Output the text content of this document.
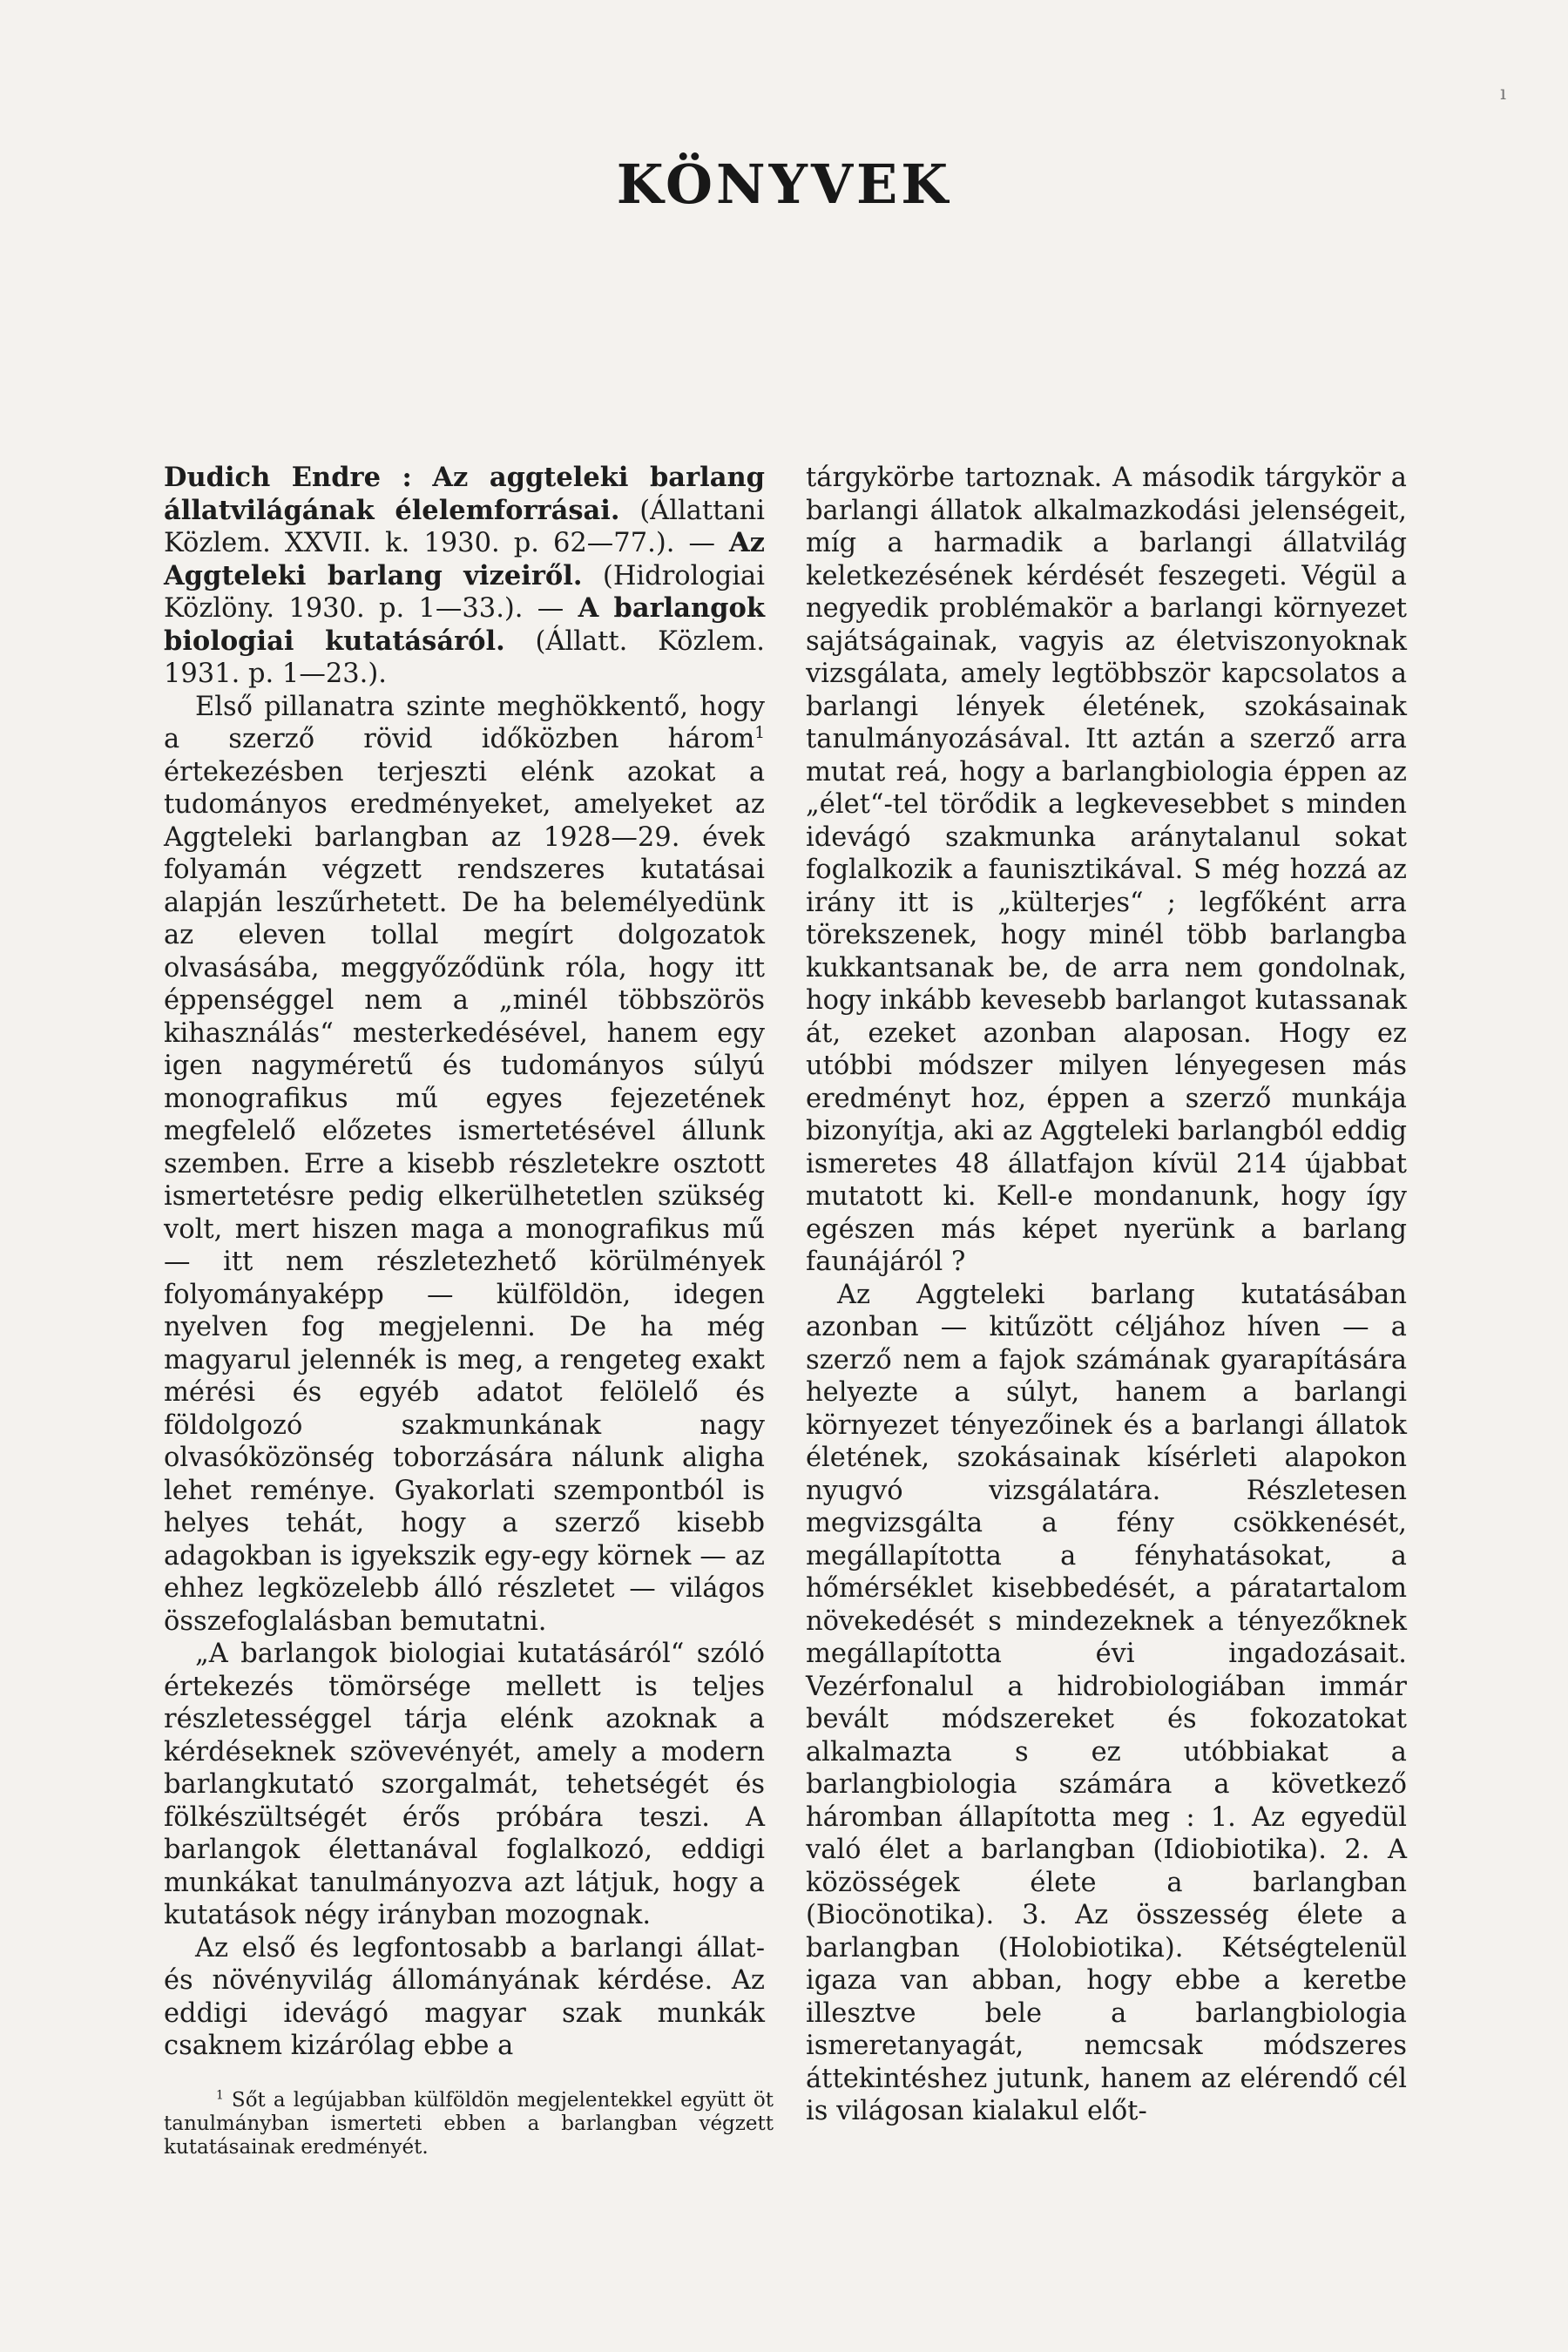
KÖNYVEK
ı

Dudich Endre : Az aggteleki barlang állatvilágának élelemforrásai. (Állattani Közlem. XXVII. k. 1930. p. 62—77.). — Az Aggteleki barlang vizeiről. (Hidrologiai Közlöny. 1930. p. 1—33.). — A barlangok biologiai kutatásáról. (Állatt. Közlem. 1931. p. 1—23.).

Első pillanatra szinte meghökkentő, hogy a szerző rövid időközben három$^1$ értekezésben terjeszti elénk azokat a tudományos eredményeket, amelyeket az Aggteleki barlangban az 1928—29. évek folyamán végzett rendszeres kutatásai alapján leszűrhetett. De ha belemélyedünk az eleven tollal megírt dolgozatok olvasásába, meggyőződünk róla, hogy itt éppenséggel nem a „minél többszörös kihasználás“ mesterkedésével, hanem egy igen nagyméretű és tudományos súlyú monografikus mű egyes fejezetének megfelelő előzetes ismertetésével állunk szemben. Erre a kisebb részletekre osztott ismertetésre pedig elkerülhetetlen szükség volt, mert hiszen maga a monografikus mű — itt nem részletezhető körülmények folyományaképp — külföldön, idegen nyelven fog megjelenni. De ha még magyarul jelennék is meg, a rengeteg exakt mérési és egyéb adatot felölelő és földolgozó szakmunkának nagy olvasóközönség toborzására nálunk aligha lehet reménye. Gyakorlati szempontból is helyes tehát, hogy a szerző kisebb adagokban is igyekszik egy-egy körnek — az ehhez legközelebb álló részletet — világos összefoglalásban bemutatni.

„A barlangok biologiai kutatásáról“ szóló értekezés tömörsége mellett is teljes részletességgel tárja elénk azoknak a kérdéseknek szövevényét, amely a modern barlangkutató szorgalmát, tehetségét és fölkészültségét érős próbára teszi. A barlangok élettanával foglalkozó, eddigi munkákat tanulmányozva azt látjuk, hogy a kutatások négy irányban mozognak.

Az első és legfontosabb a barlangi állat- és növényvilág állományának kérdése. Az eddigi idevágó magyar szak munkák csaknem kizárólag ebbe a

$^1$ Sőt a legújabban külföldön megjelentekkel együtt öt tanulmányban ismerteti ebben a barlangban végzett kutatásainak eredményét.

tárgykörbe tartoznak. A második tárgykör a barlangi állatok alkalmazkodási jelenségeit, míg a harmadik a barlangi állatvilág keletkezésének kérdését feszegeti. Végül a negyedik problémakör a barlangi környezet sajátságainak, vagyis az életviszonyoknak vizsgálata, amely legtöbbször kapcsolatos a barlangi lények életének, szokásainak tanulmányozásával. Itt aztán a szerző arra mutat reá, hogy a barlangbiologia éppen az „élet“-tel törődik a legkevesebbet s minden idevágó szakmunka aránytalanul sokat foglalkozik a faunisztikával. S még hozzá az irány itt is „külterjes“ ; legfőként arra törekszenek, hogy minél több barlangba kukkantsanak be, de arra nem gondolnak, hogy inkább kevesebb barlangot kutassanak át, ezeket azonban alaposan. Hogy ez utóbbi módszer milyen lényegesen más eredményt hoz, éppen a szerző munkája bizonyítja, aki az Aggteleki barlangból eddig ismeretes 48 állatfajon kívül 214 újabbat mutatott ki. Kell-e mondanunk, hogy így egészen más képet nyerünk a barlang faunájáról ?

Az Aggteleki barlang kutatásában azonban — kitűzött céljához híven — a szerző nem a fajok számának gyarapítására helyezte a súlyt, hanem a barlangi környezet tényezőinek és a barlangi állatok életének, szokásainak kísérleti alapokon nyugvó vizsgálatára. Részletesen megvizsgálta a fény csökkenését, megállapította a fényhatásokat, a hőmérséklet kisebbedését, a páratartalom növekedését s mindezeknek a tényezőknek megállapította évi ingadozásait. Vezérfonalul a hidrobiologiában immár bevált módszereket és fokozatokat alkalmazta s ez utóbbiakat a barlangbiologia számára a következő háromban állapította meg : 1. Az egyedül való élet a barlangban (Idiobiotika). 2. A közösségek élete a barlangban (Biocönotika). 3. Az összesség élete a barlangban (Holobiotika). Kétségtelenül igaza van abban, hogy ebbe a keretbe illesztve bele a barlangbiologia ismeretanyagát, nemcsak módszeres áttekintéshez jutunk, hanem az elérendő cél is világosan kialakul előt-
